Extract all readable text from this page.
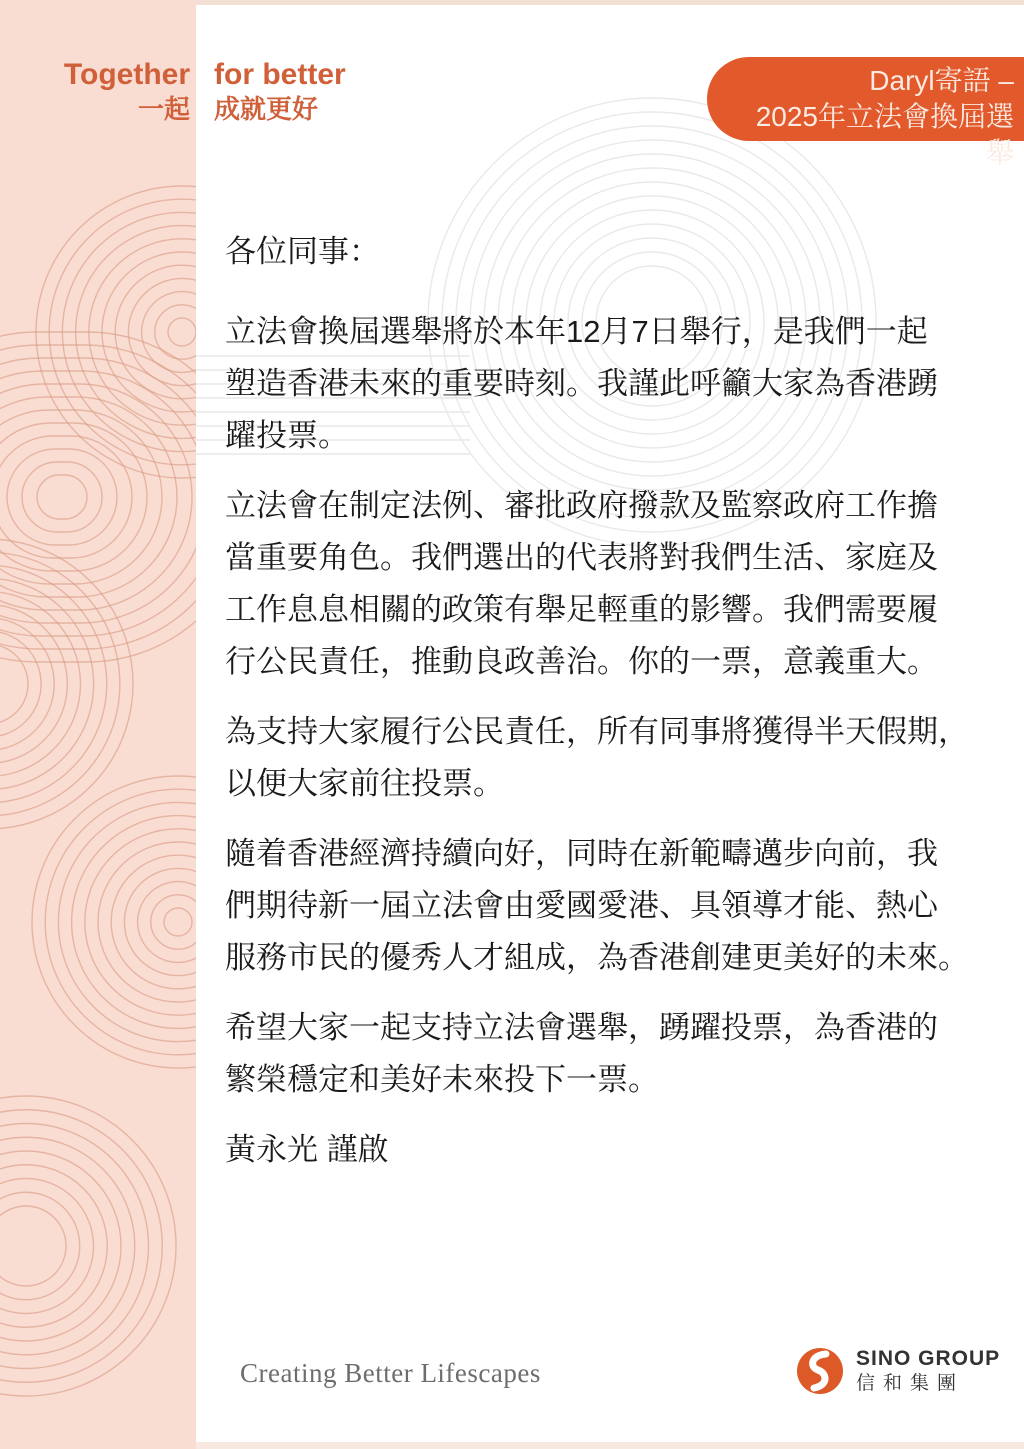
Together for better
一起 成就更好
Daryl寄語 –
2025年立法會換屆選舉
各位同事：
立法會換屆選舉將於本年12月7日舉行，是我們一起
塑造香港未來的重要時刻。我謹此呼籲大家為香港踴
躍投票。
立法會在制定法例、審批政府撥款及監察政府工作擔
當重要角色。我們選出的代表將對我們生活、家庭及
工作息息相關的政策有舉足輕重的影響。我們需要履
行公民責任，推動良政善治。你的一票，意義重大。
為支持大家履行公民責任，所有同事將獲得半天假期，
以便大家前往投票。
隨着香港經濟持續向好，同時在新範疇邁步向前，我
們期待新一屆立法會由愛國愛港、具領導才能、熱心
服務市民的優秀人才組成，為香港創建更美好的未來。
希望大家一起支持立法會選舉，踴躍投票，為香港的
繁榮穩定和美好未來投下一票。
黃永光 謹啟
Creating Better Lifescapes	SINO GROUP
信和集團
